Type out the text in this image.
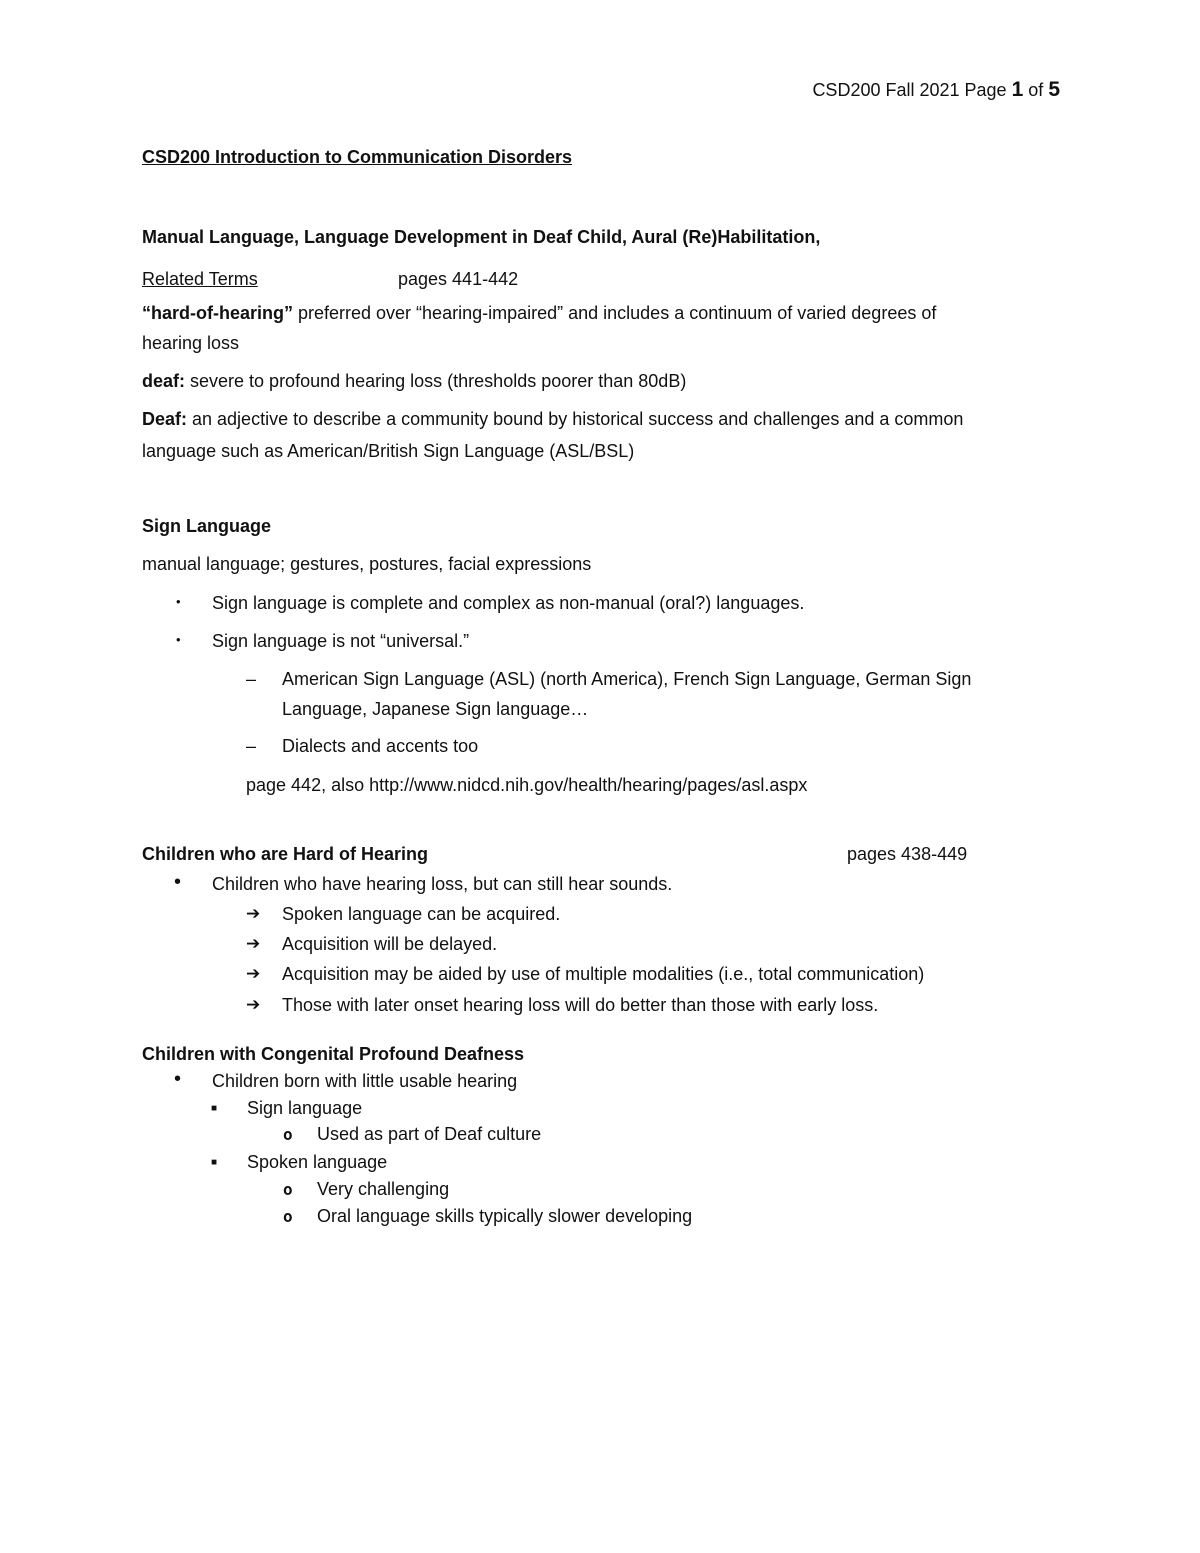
CSD200 Fall 2021 Page 1 of 5
CSD200 Introduction to Communication Disorders
Manual Language, Language Development in Deaf Child, Aural (Re)Habilitation,
Related Terms	pages 441-442
“hard-of-hearing” preferred over “hearing-impaired” and includes a continuum of varied degrees of
hearing loss
deaf: severe to profound hearing loss (thresholds poorer than 80dB)
Deaf: an adjective to describe a community bound by historical success and challenges and a common
language such as American/British Sign Language (ASL/BSL)
Sign Language
manual language; gestures, postures, facial expressions
• Sign language is complete and complex as non-manual (oral?) languages.
• Sign language is not “universal.”
– American Sign Language (ASL) (north America), French Sign Language, German Sign
Language, Japanese Sign language…
– Dialects and accents too
page 442, also http://www.nidcd.nih.gov/health/hearing/pages/asl.aspx
Children who are Hard of Hearing	pages 438-449
• Children who have hearing loss, but can still hear sounds.
➔ Spoken language can be acquired.
➔ Acquisition will be delayed.
➔ Acquisition may be aided by use of multiple modalities (i.e., total communication)
➔ Those with later onset hearing loss will do better than those with early loss.
Children with Congenital Profound Deafness
• Children born with little usable hearing
■ Sign language
o Used as part of Deaf culture
■ Spoken language
o Very challenging
o Oral language skills typically slower developing
